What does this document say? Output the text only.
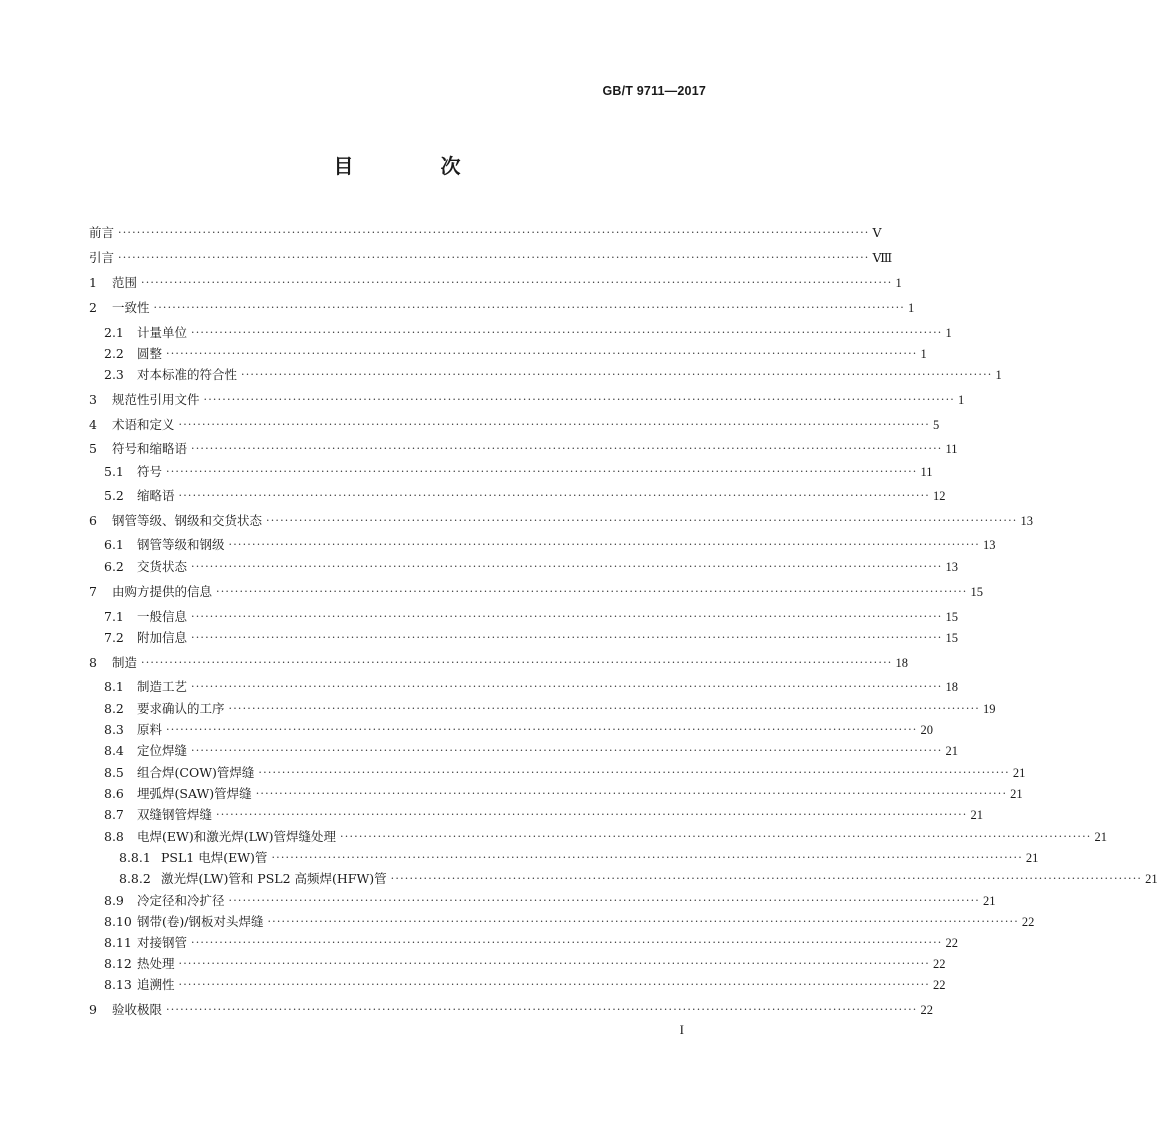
GB/T 9711—2017
目 次
前言 ································································································································································ Ⅴ
引言 ································································································································································ Ⅷ
1	范围 ································································································································································ 1
2	一致性 ································································································································································ 1
2.1	计量单位 ································································································································································ 1
2.2	圆整 ································································································································································ 1
2.3	对本标准的符合性 ································································································································································ 1
3	规范性引用文件 ································································································································································ 1
4	术语和定义 ································································································································································ 5
5	符号和缩略语 ································································································································································ 11
5.1	符号 ································································································································································ 11
5.2	缩略语 ································································································································································ 12
6	钢管等级、钢级和交货状态 ································································································································································ 13
6.1	钢管等级和钢级 ································································································································································ 13
6.2	交货状态 ································································································································································ 13
7	由购方提供的信息 ································································································································································ 15
7.1	一般信息 ································································································································································ 15
7.2	附加信息 ································································································································································ 15
8	制造 ································································································································································ 18
8.1	制造工艺 ································································································································································ 18
8.2	要求确认的工序 ································································································································································ 19
8.3	原料 ································································································································································ 20
8.4	定位焊缝 ································································································································································ 21
8.5	组合焊(COW)管焊缝 ································································································································································ 21
8.6	埋弧焊(SAW)管焊缝 ································································································································································ 21
8.7	双缝钢管焊缝 ································································································································································ 21
8.8	电焊(EW)和激光焊(LW)管焊缝处理 ································································································································································ 21
8.8.1 PSL1 电焊(EW)管 ································································································································································ 21
8.8.2 激光焊(LW)管和 PSL2 高频焊(HFW)管 ································································································································································ 21
8.9	冷定径和冷扩径 ································································································································································ 21
8.10 钢带(卷)/钢板对头焊缝 ································································································································································ 22
8.11 对接钢管 ································································································································································ 22
8.12 热处理 ································································································································································ 22
8.13 追溯性 ································································································································································ 22
9	验收极限 ································································································································································ 22
I
